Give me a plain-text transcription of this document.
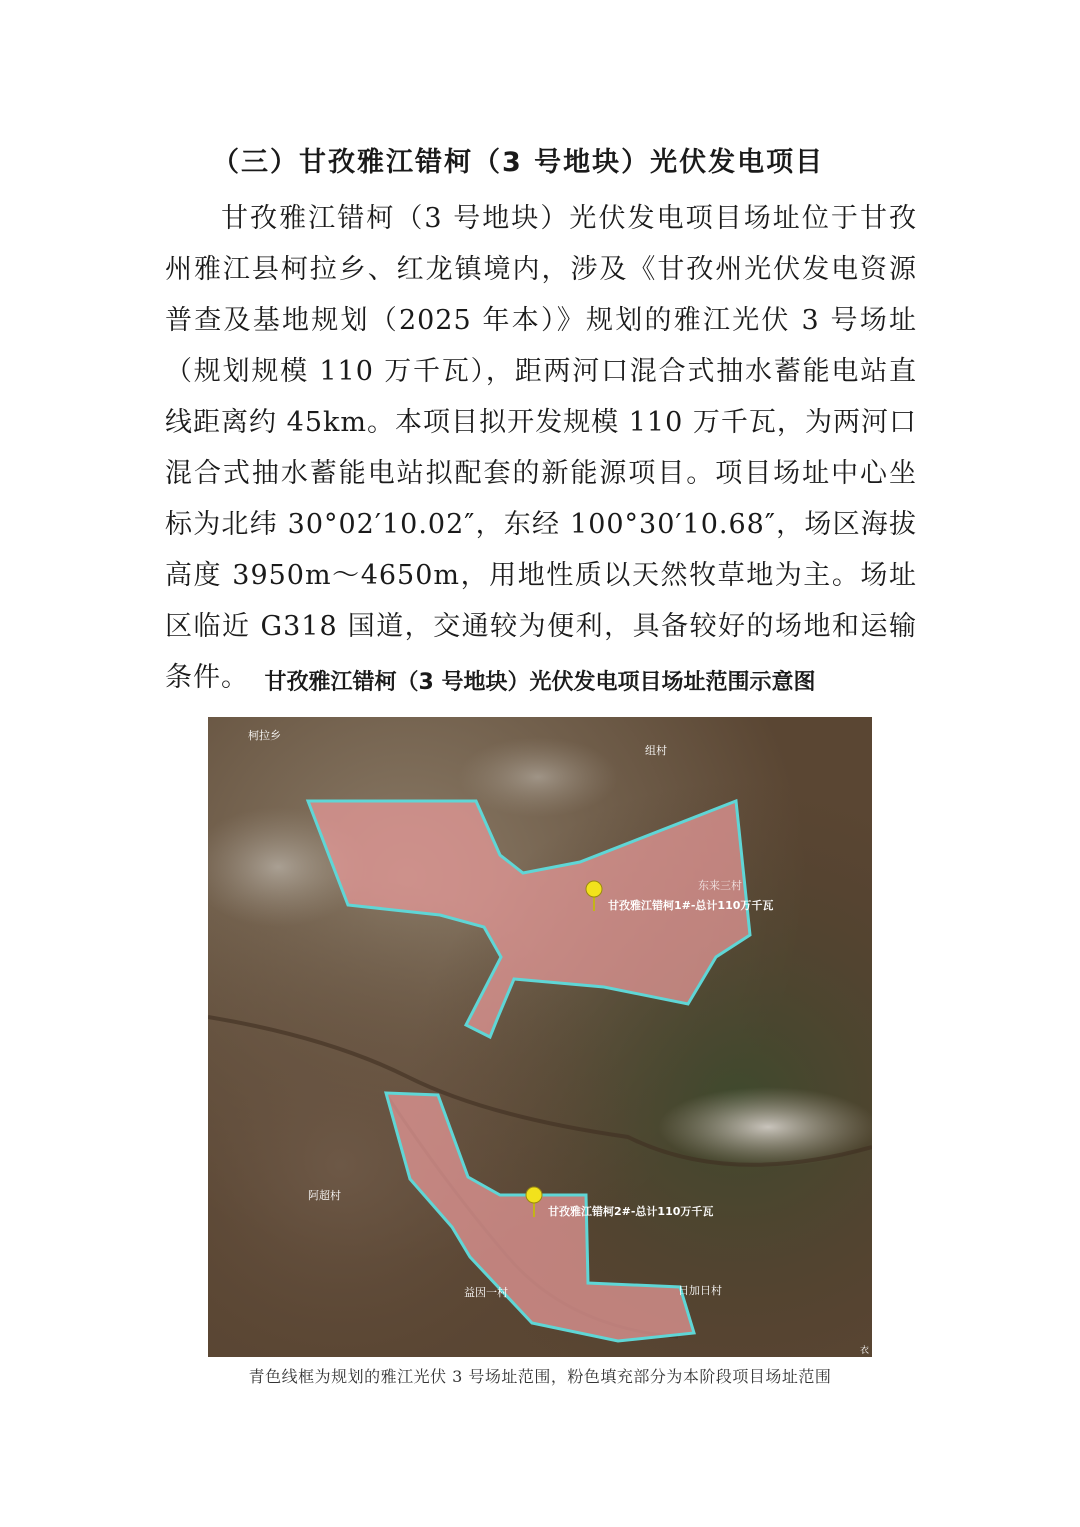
（三）甘孜雅江错柯（3 号地块）光伏发电项目
甘孜雅江错柯（3 号地块）光伏发电项目场址位于甘孜州雅江县柯拉乡、红龙镇境内，涉及《甘孜州光伏发电资源普查及基地规划（2025 年本）》规划的雅江光伏 3 号场址（规划规模 110 万千瓦），距两河口混合式抽水蓄能电站直线距离约 45km。本项目拟开发规模 110 万千瓦，为两河口混合式抽水蓄能电站拟配套的新能源项目。项目场址中心坐标为北纬 30°02′10.02″，东经 100°30′10.68″，场区海拔高度 3950m～4650m，用地性质以天然牧草地为主。场址区临近 G318 国道，交通较为便利，具备较好的场地和运输条件。 甘孜雅江错柯（3 号地块）光伏发电项目场址范围示意图
柯拉乡
组村
东来三村
阿超村
益因一村	日加日村
甘孜雅江错柯1#-总计110万千瓦
甘孜雅江错柯2#-总计110万千瓦
衣
青色线框为规划的雅江光伏 3 号场址范围，粉色填充部分为本阶段项目场址范围
